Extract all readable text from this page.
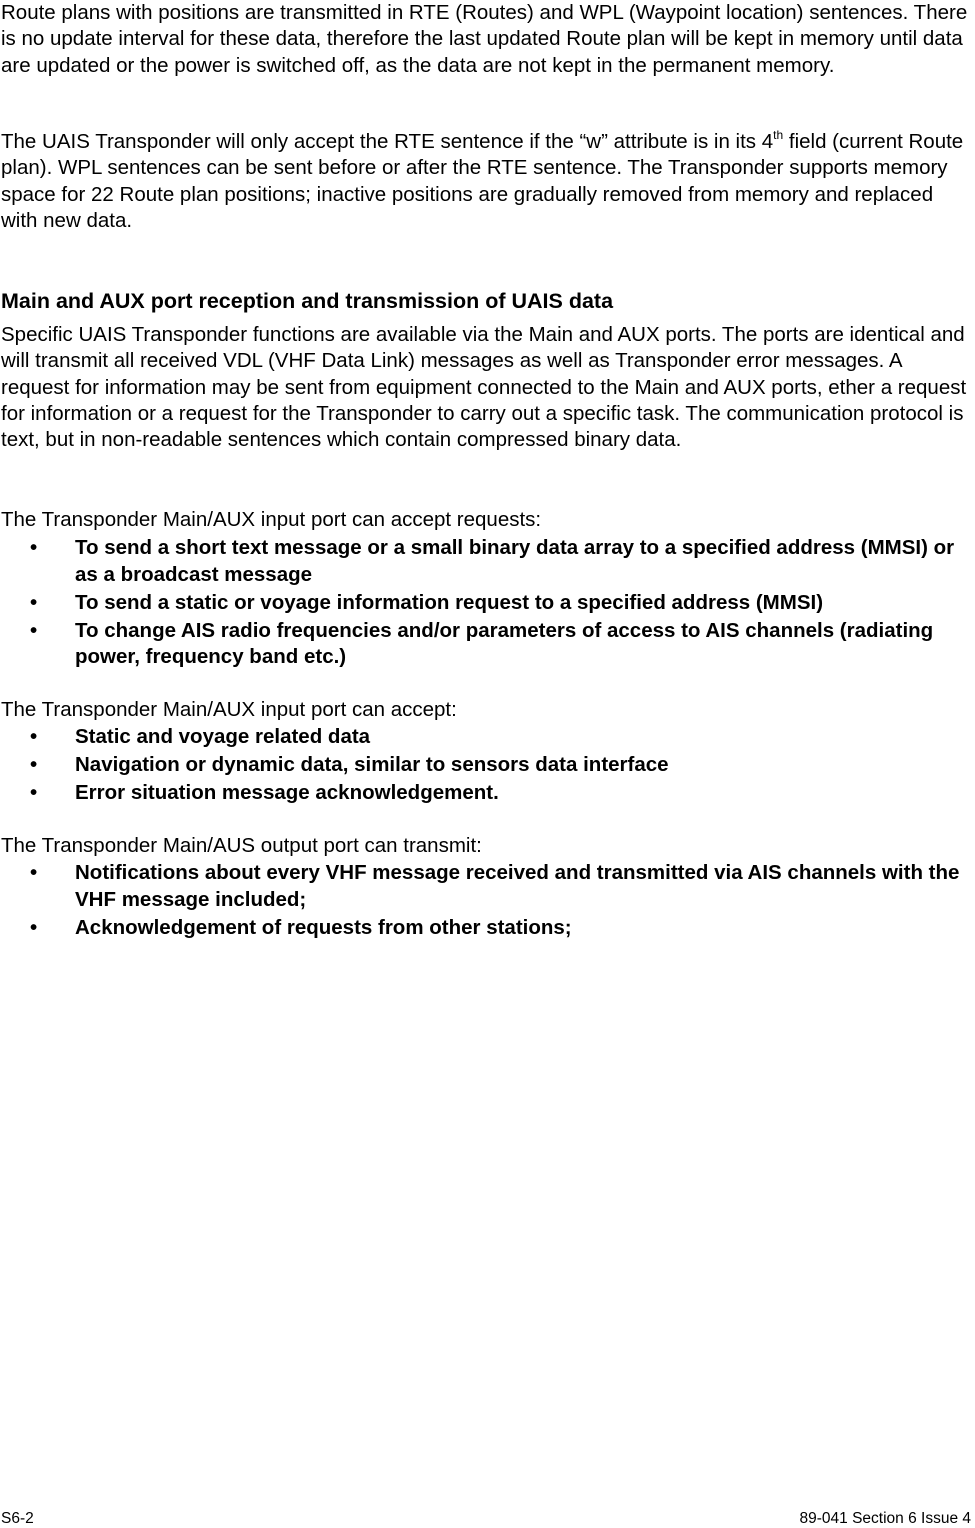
Route plans with positions are transmitted in RTE (Routes) and WPL (Waypoint location) sentences. There is no update interval for these data, therefore the last updated Route plan will be kept in memory until data are updated or the power is switched off, as the data are not kept in the permanent memory.

The UAIS Transponder will only accept the RTE sentence if the “w” attribute is in its 4th field (current Route plan). WPL sentences can be sent before or after the RTE sentence. The Transponder supports memory space for 22 Route plan positions; inactive positions are gradually removed from memory and replaced with new data.

Main and AUX port reception and transmission of UAIS data

Specific UAIS Transponder functions are available via the Main and AUX ports. The ports are identical and will transmit all received VDL (VHF Data Link) messages as well as Transponder error messages. A request for information may be sent from equipment connected to the Main and AUX ports, ether a request for information or a request for the Transponder to carry out a specific task. The communication protocol is text, but in non-readable sentences which contain compressed binary data.

The Transponder Main/AUX input port can accept requests:

• To send a short text message or a small binary data array to a specified address (MMSI) or as a broadcast message
• To send a static or voyage information request to a specified address (MMSI)
• To change AIS radio frequencies and/or parameters of access to AIS channels (radiating power, frequency band etc.)

The Transponder Main/AUX input port can accept:

• Static and voyage related data
• Navigation or dynamic data, similar to sensors data interface
• Error situation message acknowledgement.

The Transponder Main/AUS output port can transmit:

• Notifications about every VHF message received and transmitted via AIS channels with the VHF message included;
• Acknowledgement of requests from other stations;
S6-2	89-041 Section 6 Issue 4
